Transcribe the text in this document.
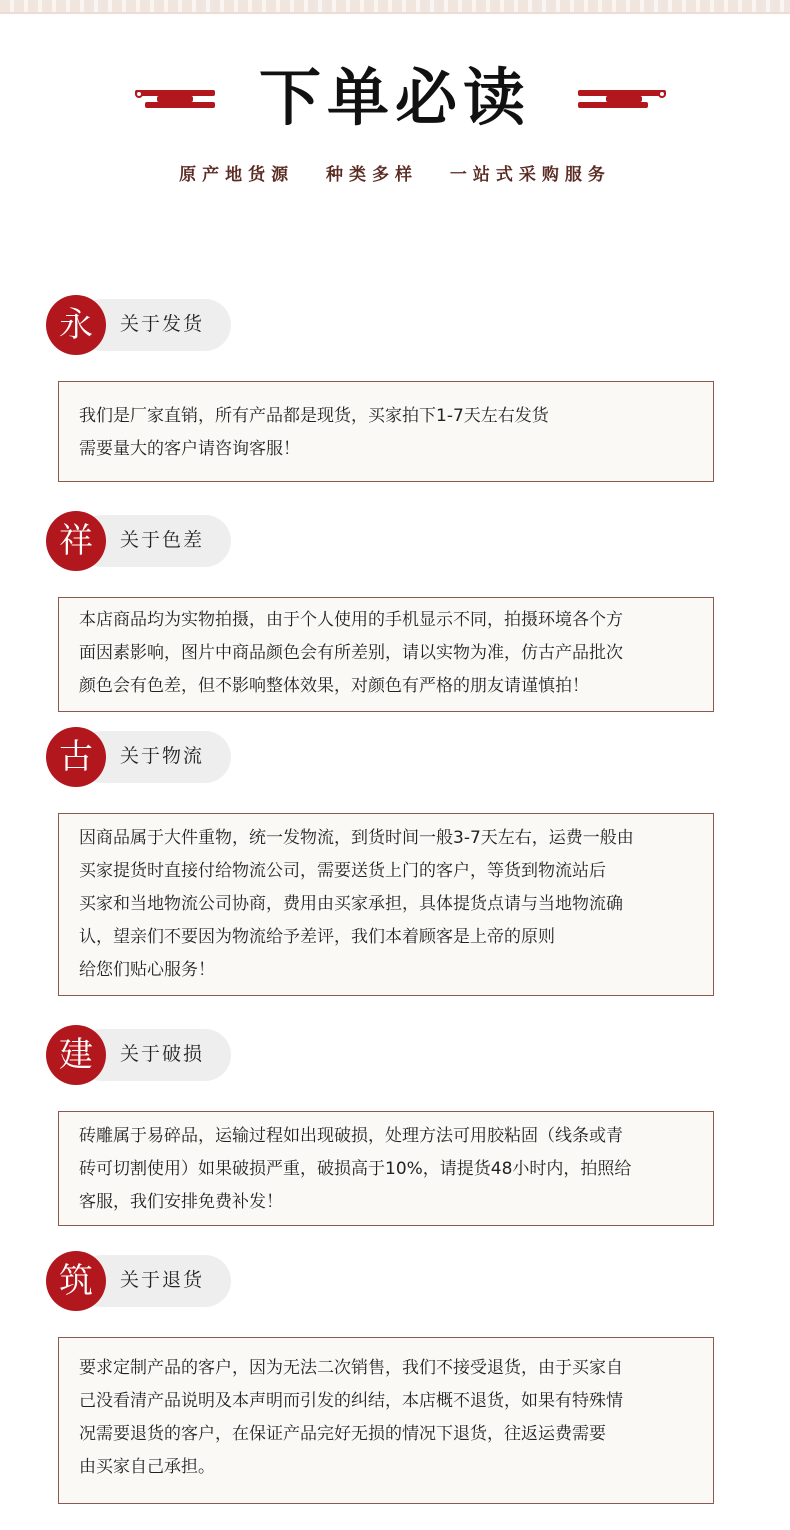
下单必读
原产地货源 种类多样 一站式采购服务
永	关于发货
我们是厂家直销，所有产品都是现货，买家拍下1-7天左右发货
需要量大的客户请咨询客服！
祥	关于色差
本店商品均为实物拍摄，由于个人使用的手机显示不同，拍摄环境各个方
面因素影响，图片中商品颜色会有所差别，请以实物为准，仿古产品批次
颜色会有色差，但不影响整体效果，对颜色有严格的朋友请谨慎拍！
古	关于物流
因商品属于大件重物，统一发物流，到货时间一般3-7天左右，运费一般由
买家提货时直接付给物流公司，需要送货上门的客户，等货到物流站后
买家和当地物流公司协商，费用由买家承担，具体提货点请与当地物流确
认，望亲们不要因为物流给予差评，我们本着顾客是上帝的原则
给您们贴心服务！
建	关于破损
砖雕属于易碎品，运输过程如出现破损，处理方法可用胶粘固（线条或青
砖可切割使用）如果破损严重，破损高于10%，请提货48小时内，拍照给
客服，我们安排免费补发！
筑	关于退货
要求定制产品的客户，因为无法二次销售，我们不接受退货，由于买家自
己没看清产品说明及本声明而引发的纠结，本店概不退货，如果有特殊情
况需要退货的客户，在保证产品完好无损的情况下退货，往返运费需要
由买家自己承担。
